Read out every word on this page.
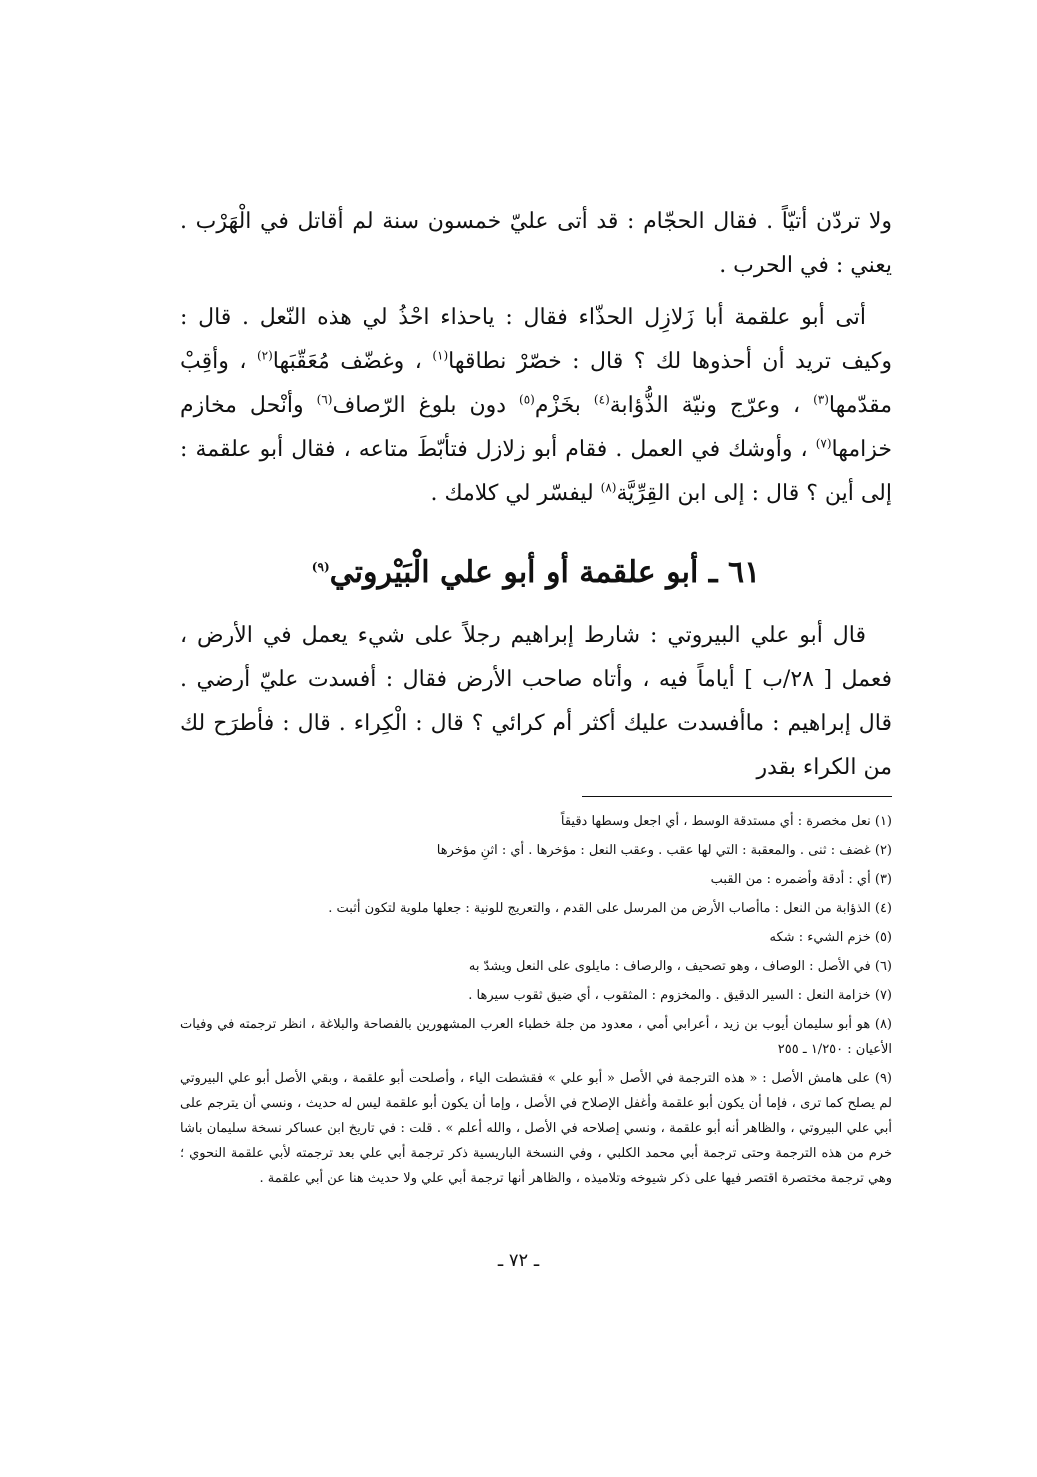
ولا تردّن أتيّاً . فقال الحجّام : قد أتى عليّ خمسون سنة لم أقاتل في الْهَرْب . يعني : في الحرب .

أتى أبو علقمة أبا زَلازِل الحذّاء فقال : ياحذاء احْذُ لي هذه النّعل . قال : وكيف تريد أن أحذوها لك ؟ قال : خصّرْ نطاقها$^{(١)}$ ، وغضّف مُعَقّبَها$^{(٢)}$ ، وأقِبْ مقدّمها$^{(٣)}$ ، وعرّج ونيّة الذُّؤابة$^{(٤)}$ بخَزْم$^{(٥)}$ دون بلوغ الرّصاف$^{(٦)}$ وأنْحل مخازم خزامها$^{(٧)}$ ، وأوشك في العمل . فقام أبو زلازل فتأبّطَ متاعه ، فقال أبو علقمة : إلى أين ؟ قال : إلى ابن القِرِّيَّة$^{(٨)}$ ليفسّر لي كلامك .

٦١ ـ أبو علقمة أو أبو علي الْبَيْروتي$^{(٩)}$

قال أبو علي البيروتي : شارط إبراهيم رجلاً على شيء يعمل في الأرض ، فعمل [ ٢٨/ب ] أياماً فيه ، وأتاه صاحب الأرض فقال : أفسدت عليّ أرضي . قال إبراهيم : ماأفسدت عليك أكثر أم كرائي ؟ قال : الْكِراء . قال : فأطرَح لك من الكراء بقدر

(١) نعل مخصرة : أي مستدقة الوسط ، أي اجعل وسطها دقيقاً

(٢) غضف : ثنى . والمعقبة : التي لها عقب . وعقب النعل : مؤخرها . أي : اثنِ مؤخرها

(٣) أي : أدقة وأضمره : من القبب

(٤) الذؤابة من النعل : ماأصاب الأرض من المرسل على القدم ، والتعريج للونية : جعلها ملوية لتكون أثبت .

(٥) خزم الشيء : شكه

(٦) في الأصل : الوصاف ، وهو تصحيف ، والرصاف : مايلوى على النعل ويشدّ به

(٧) خزامة النعل : السير الدقيق . والمخزوم : المثقوب ، أي ضيق ثقوب سيرها .

(٨) هو أبو سليمان أيوب بن زيد ، أعرابي أمي ، معدود من جلة خطباء العرب المشهورين بالفصاحة والبلاغة ، انظر ترجمته في وفيات الأعيان : ١/٢٥٠ ـ ٢٥٥

(٩) على هامش الأصل : « هذه الترجمة في الأصل « أبو علي » فقشطت الياء ، وأصلحت أبو علقمة ، وبقي الأصل أبو علي البيروتي لم يصلح كما ترى ، فإما أن يكون أبو علقمة وأغفل الإصلاح في الأصل ، وإما أن يكون أبو علقمة ليس له حديث ، ونسي أن يترجم على أبي علي البيروتي ، والظاهر أنه أبو علقمة ، ونسي إصلاحه في الأصل ، والله أعلم » . قلت : في تاريخ ابن عساكر نسخة سليمان باشا خرم من هذه الترجمة وحتى ترجمة أبي محمد الكلبي ، وفي النسخة الباريسية ذكر ترجمة أبي علي بعد ترجمته لأبي علقمة النحوي ؛ وهي ترجمة مختصرة اقتصر فيها على ذكر شيوخه وتلاميذه ، والظاهر أنها ترجمة أبي علي ولا حديث هنا عن أبي علقمة .

ـ ٧٢ ـ
